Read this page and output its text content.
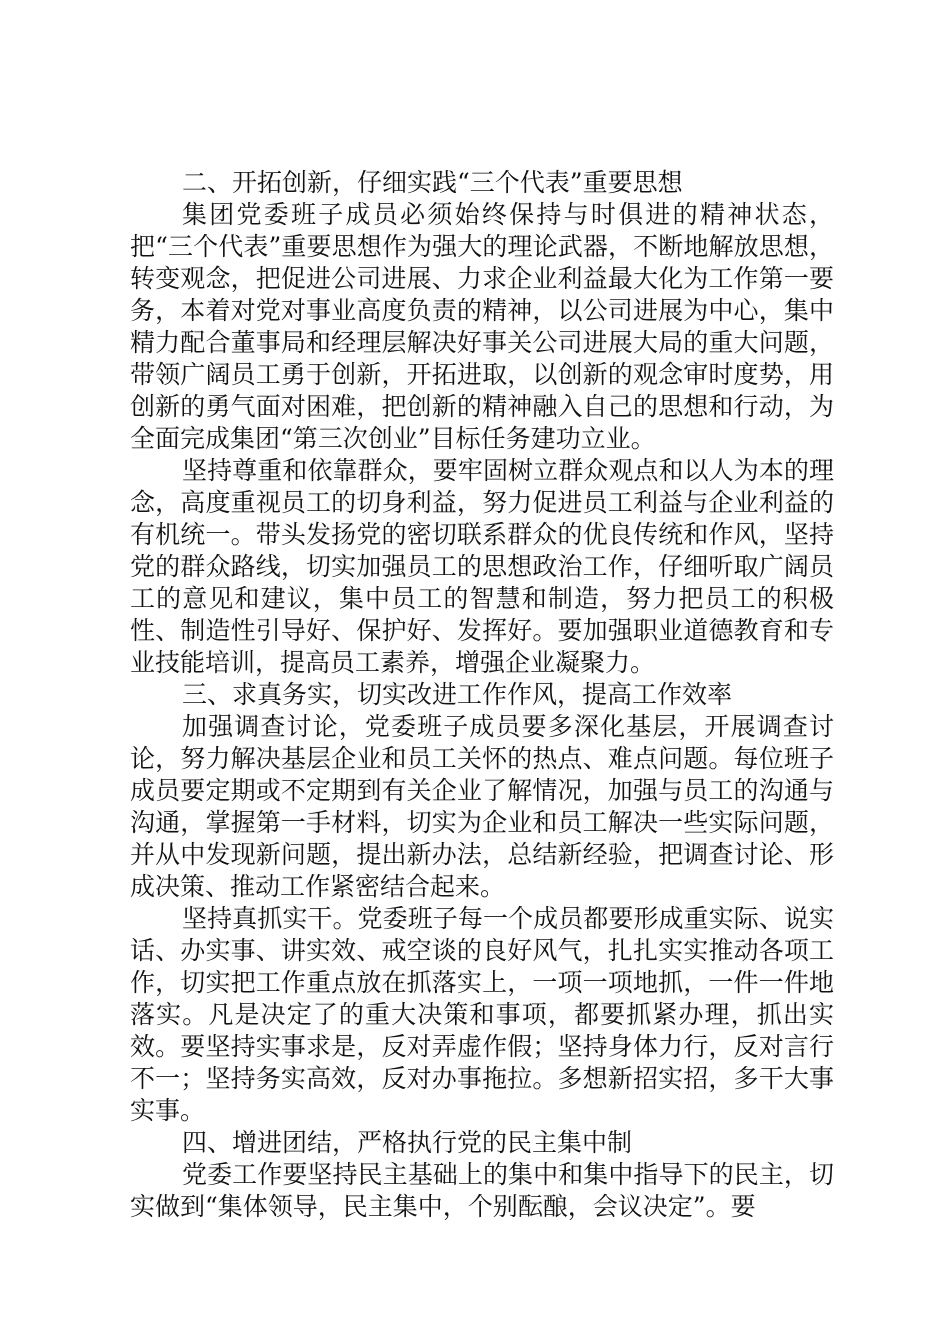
二、开拓创新，仔细实践“三个代表”重要思想

集团党委班子成员必须始终保持与时俱进的精神状态，把“三个代表”重要思想作为强大的理论武器，不断地解放思想，转变观念，把促进公司进展、力求企业利益最大化为工作第一要务，本着对党对事业高度负责的精神，以公司进展为中心，集中精力配合董事局和经理层解决好事关公司进展大局的重大问题，带领广阔员工勇于创新，开拓进取，以创新的观念审时度势，用创新的勇气面对困难，把创新的精神融入自己的思想和行动，为全面完成集团“第三次创业”目标任务建功立业。

坚持尊重和依靠群众，要牢固树立群众观点和以人为本的理念，高度重视员工的切身利益，努力促进员工利益与企业利益的有机统一。带头发扬党的密切联系群众的优良传统和作风，坚持党的群众路线，切实加强员工的思想政治工作，仔细听取广阔员工的意见和建议，集中员工的智慧和制造，努力把员工的积极性、制造性引导好、保护好、发挥好。要加强职业道德教育和专业技能培训，提高员工素养，增强企业凝聚力。

三、求真务实，切实改进工作作风，提高工作效率

加强调查讨论，党委班子成员要多深化基层，开展调查讨论，努力解决基层企业和员工关怀的热点、难点问题。每位班子成员要定期或不定期到有关企业了解情况，加强与员工的沟通与沟通，掌握第一手材料，切实为企业和员工解决一些实际问题，并从中发现新问题，提出新办法，总结新经验，把调查讨论、形成决策、推动工作紧密结合起来。

坚持真抓实干。党委班子每一个成员都要形成重实际、说实话、办实事、讲实效、戒空谈的良好风气，扎扎实实推动各项工作，切实把工作重点放在抓落实上，一项一项地抓，一件一件地落实。凡是决定了的重大决策和事项，都要抓紧办理，抓出实效。要坚持实事求是，反对弄虚作假；坚持身体力行，反对言行不一；坚持务实高效，反对办事拖拉。多想新招实招，多干大事实事。

四、增进团结，严格执行党的民主集中制

党委工作要坚持民主基础上的集中和集中指导下的民主，切实做到“集体领导，民主集中，个别酝酿，会议决定”。要
